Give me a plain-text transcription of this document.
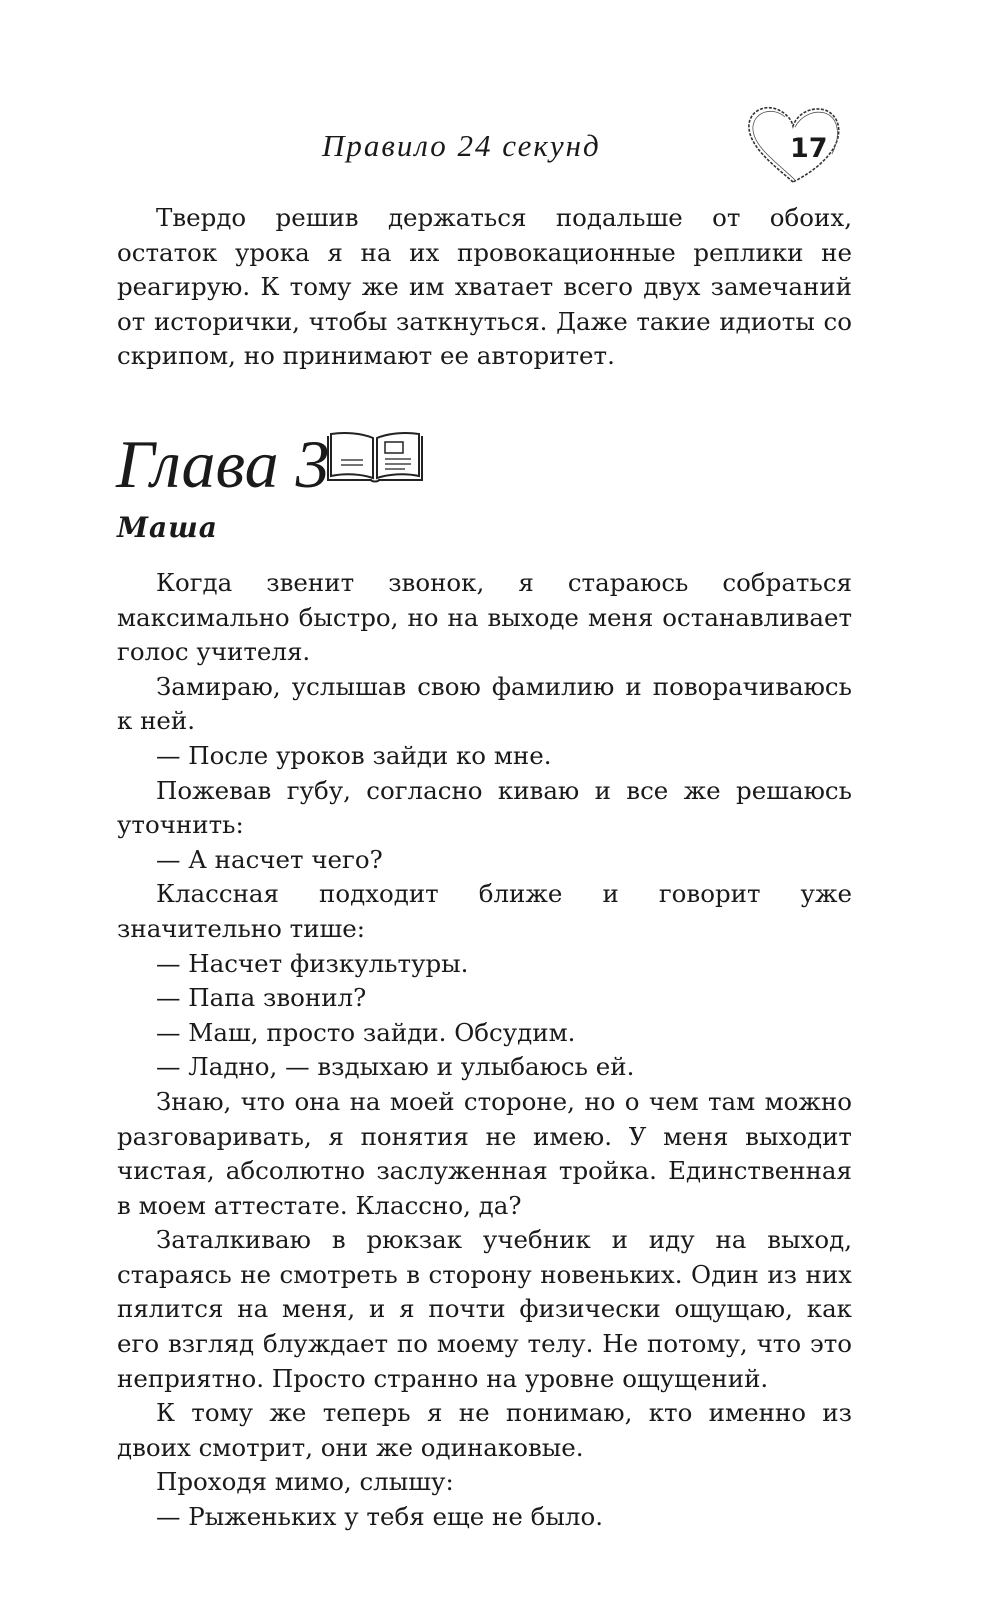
Правило 24 секунд	17
Твердо решив держаться подальше от обоих, остаток урока я на их провокационные реплики не реагирую. К тому же им хватает всего двух замечаний от исторички, чтобы заткнуться. Даже такие идиоты со скрипом, но принимают ее авторитет.
Глава 3
Маша
Когда звенит звонок, я стараюсь собраться максимально быстро, но на выходе меня останавливает голос учителя.
Замираю, услышав свою фамилию и поворачиваюсь к ней.
— После уроков зайди ко мне.
Пожевав губу, согласно киваю и все же решаюсь уточнить:
— А насчет чего?
Классная подходит ближе и говорит уже значительно тише:
— Насчет физкультуры.
— Папа звонил?
— Маш, просто зайди. Обсудим.
— Ладно, — вздыхаю и улыбаюсь ей.
Знаю, что она на моей стороне, но о чем там можно разговаривать, я понятия не имею. У меня выходит чистая, абсолютно заслуженная тройка. Единственная в моем аттестате. Классно, да?
Заталкиваю в рюкзак учебник и иду на выход, стараясь не смотреть в сторону новеньких. Один из них пялится на меня, и я почти физически ощущаю, как его взгляд блуждает по моему телу. Не потому, что это неприятно. Просто странно на уровне ощущений.
К тому же теперь я не понимаю, кто именно из двоих смотрит, они же одинаковые.
Проходя мимо, слышу:
— Рыженьких у тебя еще не было.
